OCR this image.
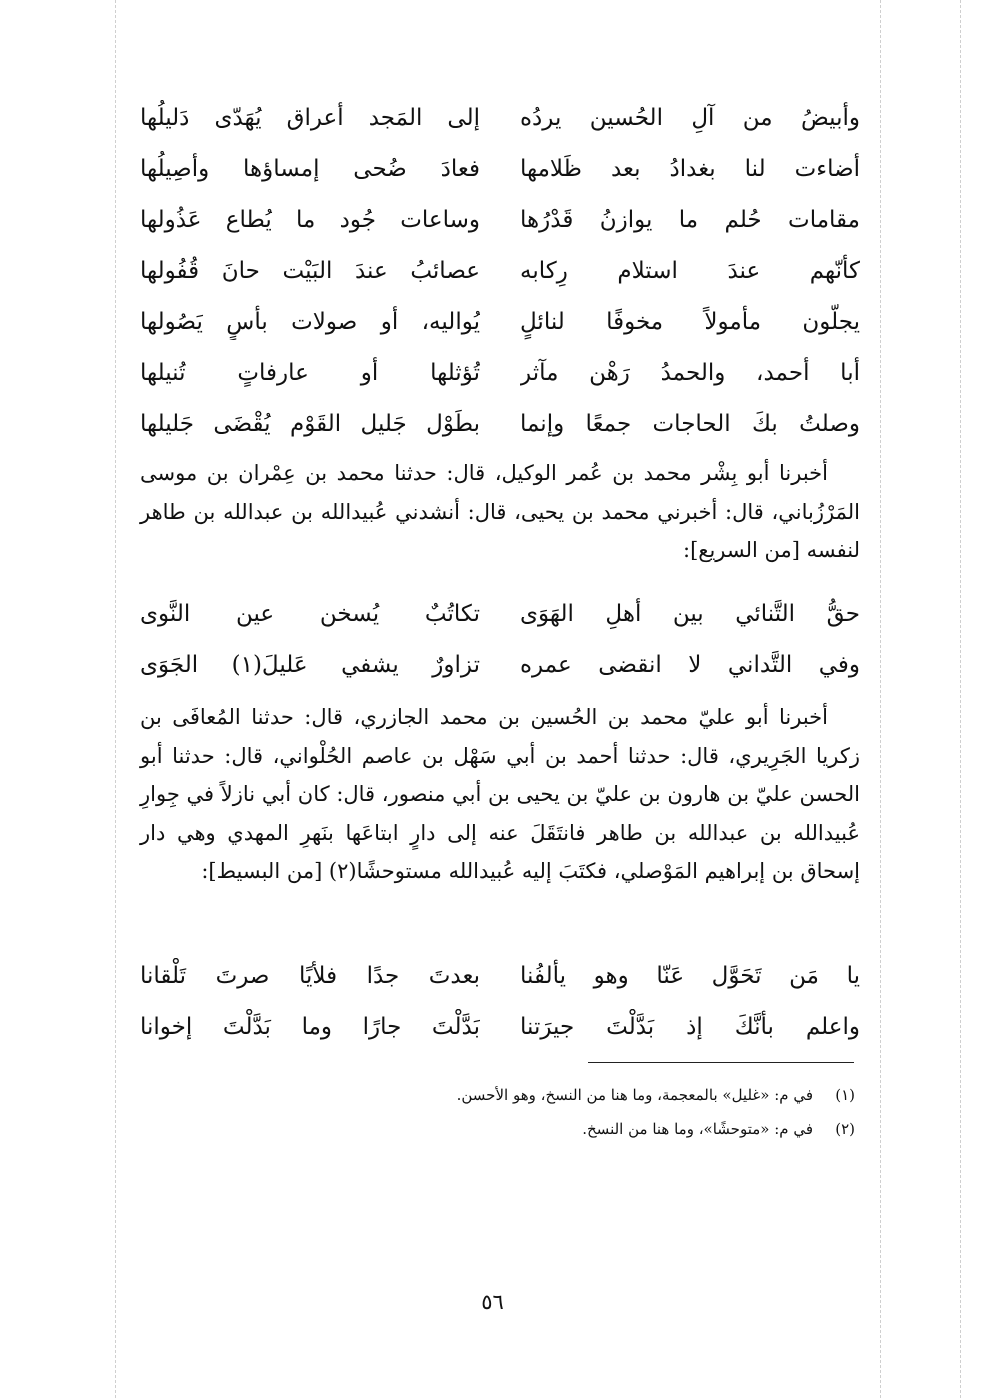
وأبيضُ من آلِ الحُسين يردُه
إلى المَجد أعراق يُهَدّى دَليلُها
أضاءت لنا بغدادُ بعد ظَلامها
فعادَ ضُحى إمساؤها وأصِيلُها
مقامات حُلم ما يوازنُ قَدْرُها
وساعات جُود ما يُطاع عَذُولها
كأنّهم عندَ استلام رِكابه
عصائبُ عندَ البَيْت حانَ قُفُولها
يجلّون مأمولاً مخوفًا لنائلٍ
يُواليه، أو صولات بأسٍ يَصُولها
أبا أحمد، والحمدُ رَهْن مآثر
تُؤثلها أو عارفاتٍ تُنيلها
وصلتُ بكَ الحاجات جمعًا وإنما
بطَوْل جَليل القَوْم يُقْضَى جَليلها

أخبرنا أبو بِشْر محمد بن عُمر الوكيل، قال: حدثنا محمد بن عِمْران بن موسى المَرْزُباني، قال: أخبرني محمد بن يحيى، قال: أنشدني عُبيدالله بن عبدالله بن طاهر لنفسه [من السريع]:

حقُّ التَّنائي بين أهلِ الهَوَى
تكاتُبٌ يُسخن عين النَّوى
وفي التَّداني لا انقضى عمره
تزاورٌ يشفي عَليلَ(١) الجَوَى

أخبرنا أبو عليّ محمد بن الحُسين بن محمد الجازري، قال: حدثنا المُعافَى بن زكريا الجَرِيري، قال: حدثنا أحمد بن أبي سَهْل بن عاصم الحُلْواني، قال: حدثنا أبو الحسن عليّ بن هارون بن عليّ بن يحيى بن أبي منصور، قال: كان أبي نازلاً في جِوارِ عُبيدالله بن عبدالله بن طاهر فانتَقَلَ عنه إلى دارٍ ابتاعَها بنَهرِ المهدي وهي دار إسحاق بن إبراهيم المَوْصلي، فكتَبَ إليه عُبيدالله مستوحشًا(٢) [من البسيط]:

يا مَن تَحَوَّل عَنّا وهو يألفُنا
بعدتَ جدًا فلأيًا صرتَ تَلْقانا
واعلم بأنَّكَ إذ بَدَّلْتَ جيرَتنا
بَدَّلْتَ جارًا وما بَدَّلْتَ إخوانا
(١)
في م: «غليل» بالمعجمة، وما هنا من النسخ، وهو الأحسن.
(٢)
في م: «متوحشًا»، وما هنا من النسخ.
٥٦
